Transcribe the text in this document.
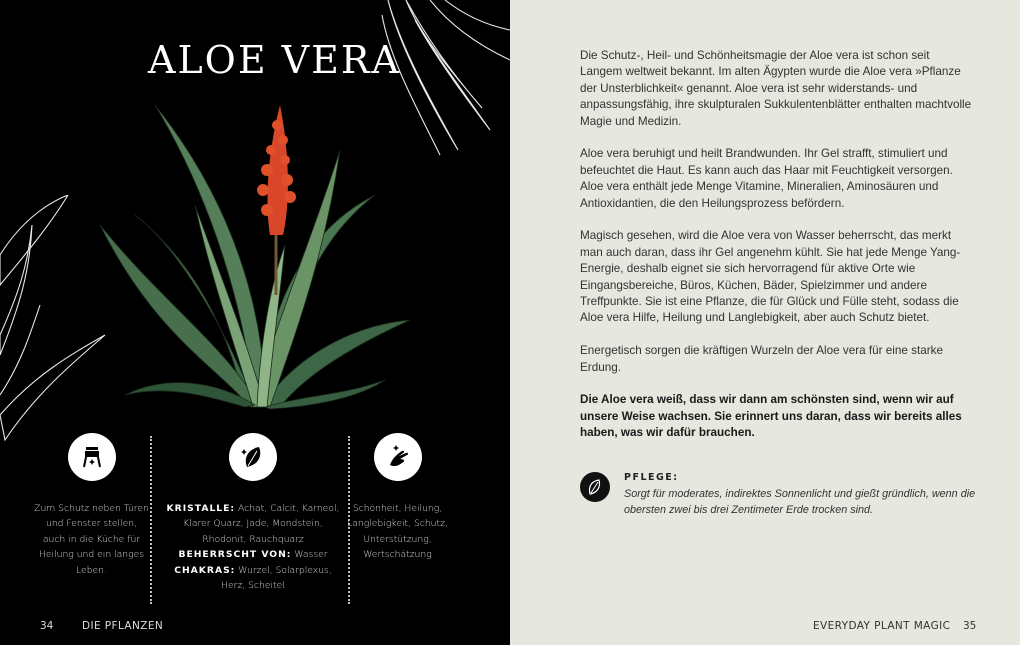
ALOE VERA
Zum Schutz neben Türen und Fenster stellen, auch in die Küche für Heilung und ein langes Leben.
KRISTALLE: Achat, Calcit, Karneol,
Klarer Quarz, Jade, Mondstein,
Rhodonit, Rauchquarz
BEHERRSCHT VON: Wasser
CHAKRAS: Wurzel, Solarplexus,
Herz, Scheitel
Schönheit, Heilung, Langlebigkeit, Schutz, Unterstützung, Wertschätzung
34	DIE PFLANZEN

Die Schutz-, Heil- und Schönheitsmagie der Aloe vera ist schon seit Langem weltweit bekannt. Im alten Ägypten wurde die Aloe vera »Pflanze der Unsterblichkeit« genannt. Aloe vera ist sehr widerstands- und anpassungsfähig, ihre skulpturalen Sukkulentenblätter enthalten machtvolle Magie und Medizin.

Aloe vera beruhigt und heilt Brandwunden. Ihr Gel strafft, stimuliert und befeuchtet die Haut. Es kann auch das Haar mit Feuchtigkeit versorgen. Aloe vera enthält jede Menge Vitamine, Mineralien, Aminosäuren und Antioxidantien, die den Heilungsprozess befördern.

Magisch gesehen, wird die Aloe vera von Wasser beherrscht, das merkt man auch daran, dass ihr Gel angenehm kühlt. Sie hat jede Menge Yang-Energie, deshalb eignet sie sich hervorragend für aktive Orte wie Eingangsbereiche, Büros, Küchen, Bäder, Spielzimmer und andere Treffpunkte. Sie ist eine Pflanze, die für Glück und Fülle steht, sodass die Aloe vera Hilfe, Heilung und Langlebigkeit, aber auch Schutz bietet.

Energetisch sorgen die kräftigen Wurzeln der Aloe vera für eine starke Erdung.

Die Aloe vera weiß, dass wir dann am schönsten sind, wenn wir auf unsere Weise wachsen. Sie erinnert uns daran, dass wir bereits alles haben, was wir dafür brauchen.

PFLEGE:
Sorgt für moderates, indirektes Sonnenlicht und gießt gründlich, wenn die obersten zwei bis drei Zentimeter Erde trocken sind.
EVERYDAY PLANT MAGIC 35
